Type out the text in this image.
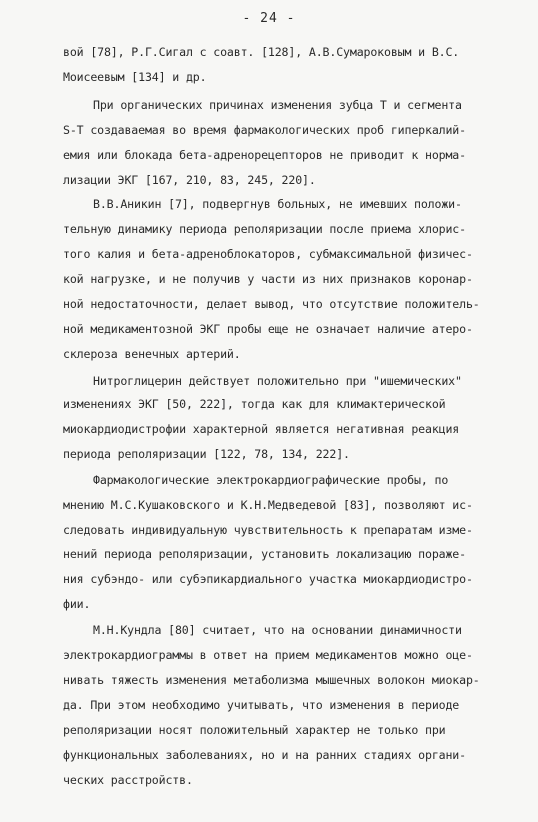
- 24 -
вой [78], Р.Г.Сигал с соавт. [128], А.В.Сумароковым и В.С.
Моисеевым [134] и др.
При органических причинах изменения зубца Т и сегмента
S-T создаваемая во время фармакологических проб гиперкалий-
емия или блокада бета-адренорецепторов не приводит к норма-
лизации ЭКГ [167, 210, 83, 245, 220].
В.В.Аникин [7], подвергнув больных, не имевших положи-
тельную динамику периода реполяризации после приема хлорис-
того калия и бета-адреноблокаторов, субмаксимальной физичес-
кой нагрузке, и не получив у части из них признаков коронар-
ной недостаточности, делает вывод, что отсутствие положитель-
ной медикаментозной ЭКГ пробы еще не означает наличие атеро-
склероза венечных артерий.
Нитроглицерин действует положительно при "ишемических"
изменениях ЭКГ [50, 222], тогда как для климактерической
миокардиодистрофии характерной является негативная реакция
периода реполяризации [122, 78, 134, 222].
Фармакологические электрокардиографические пробы, по
мнению М.С.Кушаковского и К.Н.Медведевой [83], позволяют ис-
следовать индивидуальную чувствительность к препаратам изме-
нений периода реполяризации, установить локализацию пораже-
ния субэндо- или субэпикардиального участка миокардиодистро-
фии.
М.Н.Кундла [80] считает, что на основании динамичности
электрокардиограммы в ответ на прием медикаментов можно оце-
нивать тяжесть изменения метаболизма мышечных волокон миокар-
да. При этом необходимо учитывать, что изменения в периоде
реполяризации носят положительный характер не только при
функциональных заболеваниях, но и на ранних стадиях органи-
ческих расстройств.
